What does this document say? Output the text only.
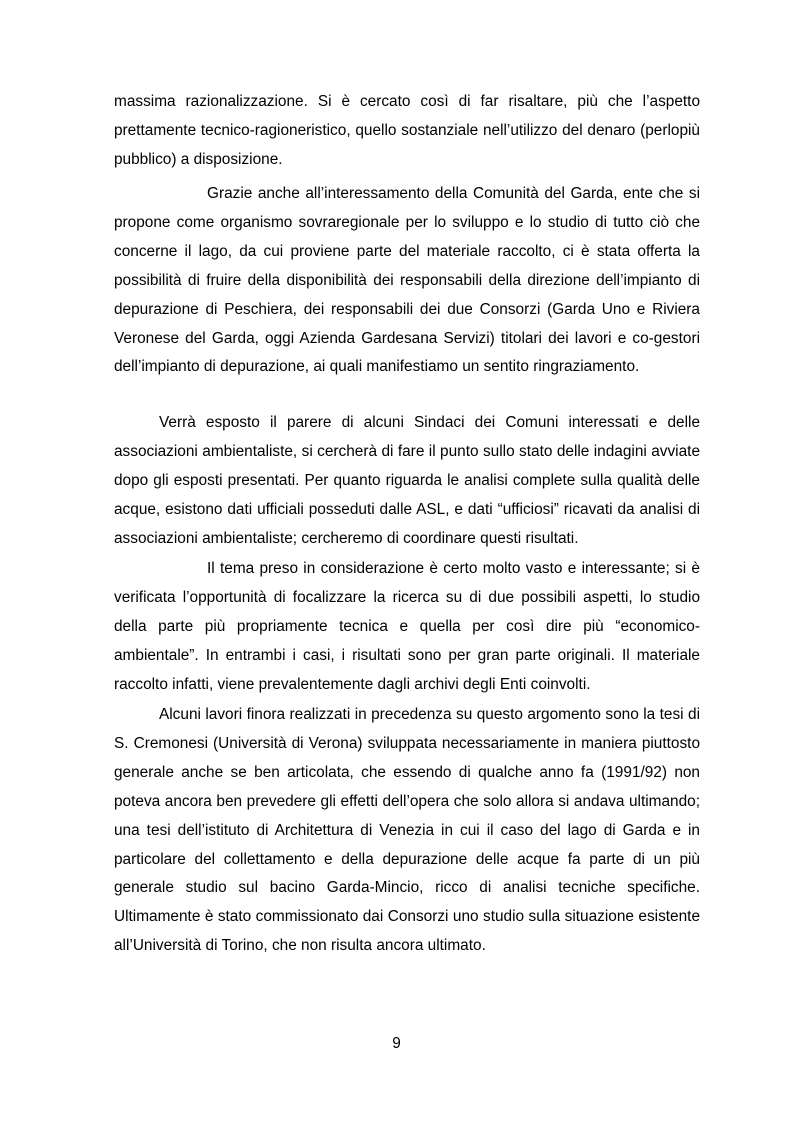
massima razionalizzazione. Si è cercato così di far risaltare, più che l’aspetto prettamente tecnico-ragioneristico, quello sostanziale nell’utilizzo del denaro (perlopiù pubblico) a disposizione.

Grazie anche all’interessamento della Comunità del Garda, ente che si propone come organismo sovraregionale per lo sviluppo e lo studio di tutto ciò che concerne il lago, da cui proviene parte del materiale raccolto, ci è stata offerta la possibilità di fruire della disponibilità dei responsabili della direzione dell’impianto di depurazione di Peschiera, dei responsabili dei due Consorzi (Garda Uno e Riviera Veronese del Garda, oggi Azienda Gardesana Servizi) titolari dei lavori e co-gestori dell’impianto di depurazione, ai quali manifestiamo un sentito ringraziamento.

Verrà esposto il parere di alcuni Sindaci dei Comuni interessati e delle associazioni ambientaliste, si cercherà di fare il punto sullo stato delle indagini avviate dopo gli esposti presentati. Per quanto riguarda le analisi complete sulla qualità delle acque, esistono dati ufficiali posseduti dalle ASL, e dati “ufficiosi” ricavati da analisi di associazioni ambientaliste; cercheremo di coordinare questi risultati.

Il tema preso in considerazione è certo molto vasto e interessante; si è verificata l’opportunità di focalizzare la ricerca su di due possibili aspetti, lo studio della parte più propriamente tecnica e quella per così dire più “economico-ambientale”. In entrambi i casi, i risultati sono per gran parte originali. Il materiale raccolto infatti, viene prevalentemente dagli archivi degli Enti coinvolti.

Alcuni lavori finora realizzati in precedenza su questo argomento sono la tesi di S. Cremonesi (Università di Verona) sviluppata necessariamente in maniera piuttosto generale anche se ben articolata, che essendo di qualche anno fa (1991/92) non poteva ancora ben prevedere gli effetti dell’opera che solo allora si andava ultimando; una tesi dell’istituto di Architettura di Venezia in cui il caso del lago di Garda e in particolare del collettamento e della depurazione delle acque fa parte di un più generale studio sul bacino Garda-Mincio, ricco di analisi tecniche specifiche. Ultimamente è stato commissionato dai Consorzi uno studio sulla situazione esistente all’Università di Torino, che non risulta ancora ultimato.

9
